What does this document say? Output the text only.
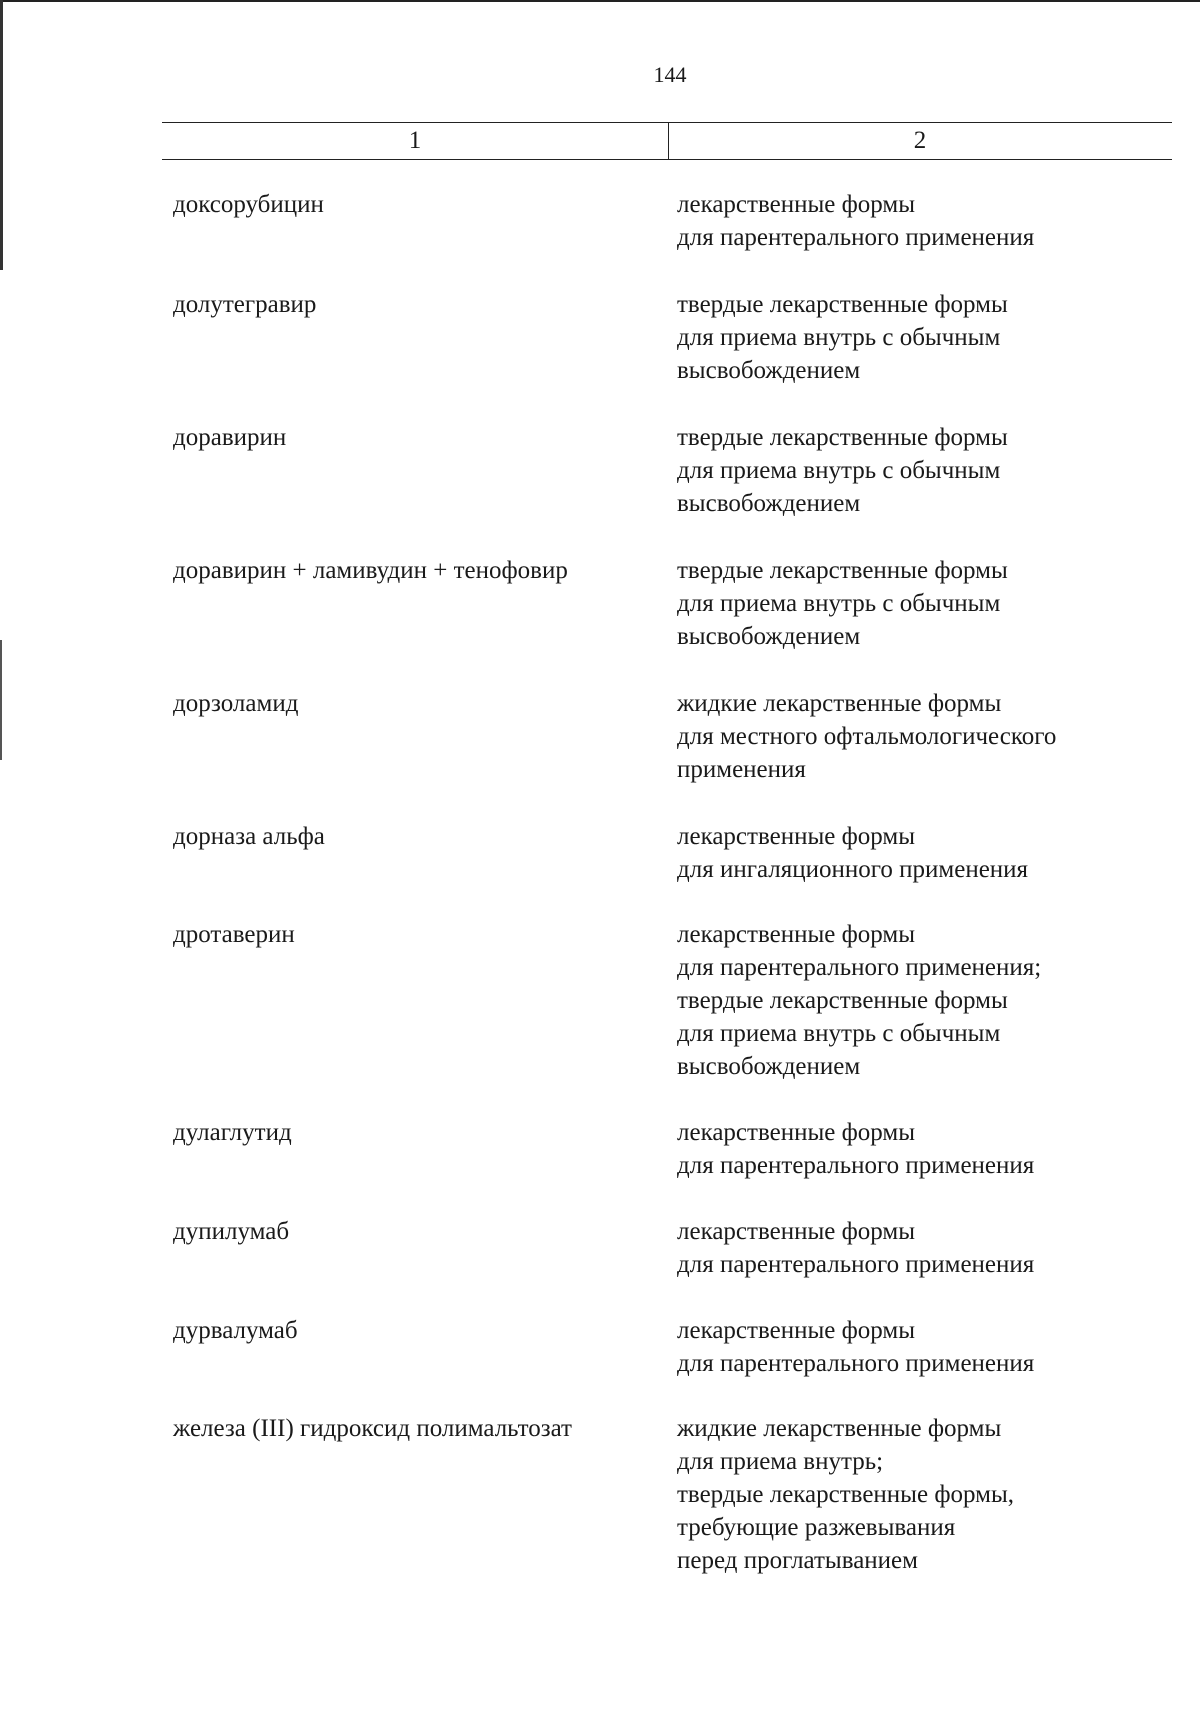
144
1	2
доксорубицин	лекарственные формы
для парентерального применения
долутегравир	твердые лекарственные формы
для приема внутрь с обычным
высвобождением
доравирин	твердые лекарственные формы
для приема внутрь с обычным
высвобождением
доравирин + ламивудин + тенофовир	твердые лекарственные формы
для приема внутрь с обычным
высвобождением
дорзоламид	жидкие лекарственные формы
для местного офтальмологического
применения
дорназа альфа	лекарственные формы
для ингаляционного применения
дротаверин	лекарственные формы
для парентерального применения;
твердые лекарственные формы
для приема внутрь с обычным
высвобождением
дулаглутид	лекарственные формы
для парентерального применения
дупилумаб	лекарственные формы
для парентерального применения
дурвалумаб	лекарственные формы
для парентерального применения
железа (III) гидроксид полимальтозат	жидкие лекарственные формы
для приема внутрь;
твердые лекарственные формы,
требующие разжевывания
перед проглатыванием
